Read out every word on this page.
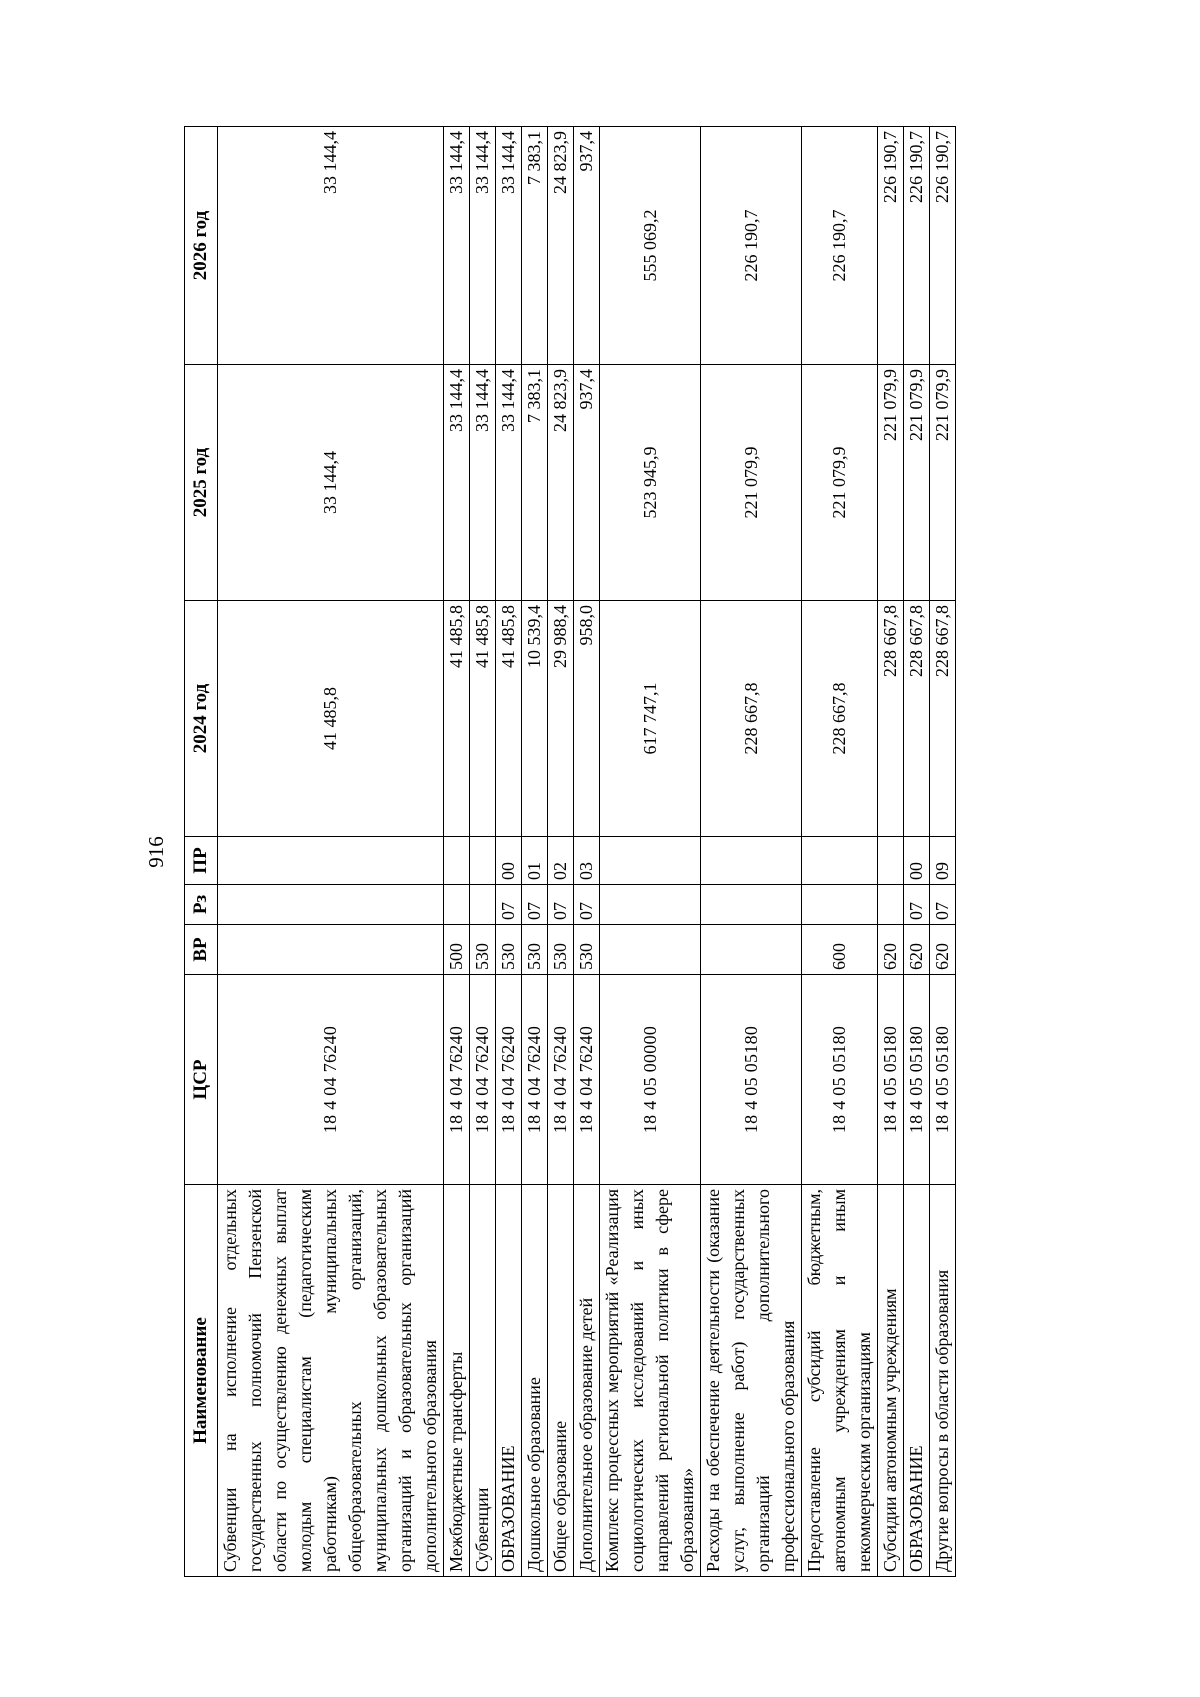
916
Наименование	ЦСР	ВР	Рз	ПР	2024 год	2025 год	2026 год
Субвенции на исполнение отдельных государственных полномочий Пензенской области по осуществлению денежных выплат молодым специалистам (педагогическим работникам) муниципальных общеобразовательных организаций, муниципальных дошкольных образовательных организаций и образовательных организаций дополнительного образования	18 4 04 76240				41 485,8	33 144,4	33 144,4
Межбюджетные трансферты	18 4 04 76240	500			41 485,8	33 144,4	33 144,4
Субвенции	18 4 04 76240	530			41 485,8	33 144,4	33 144,4
ОБРАЗОВАНИЕ	18 4 04 76240	530	07	00	41 485,8	33 144,4	33 144,4
Дошкольное образование	18 4 04 76240	530	07	01	10 539,4	7 383,1	7 383,1
Общее образование	18 4 04 76240	530	07	02	29 988,4	24 823,9	24 823,9
Дополнительное образование детей	18 4 04 76240	530	07	03	958,0	937,4	937,4
Комплекс процессных мероприятий «Реализация социологических исследований и иных направлений региональной политики в сфере образования»	18 4 05 00000				617 747,1	523 945,9	555 069,2
Расходы на обеспечение деятельности (оказание услуг, выполнение работ) государственных организаций дополнительного профессионального образования	18 4 05 05180				228 667,8	221 079,9	226 190,7
Предоставление субсидий бюджетным, автономным учреждениям и иным некоммерческим организациям	18 4 05 05180	600			228 667,8	221 079,9	226 190,7
Субсидии автономным учреждениям	18 4 05 05180	620			228 667,8	221 079,9	226 190,7
ОБРАЗОВАНИЕ	18 4 05 05180	620	07	00	228 667,8	221 079,9	226 190,7
Другие вопросы в области образования	18 4 05 05180	620	07	09	228 667,8	221 079,9	226 190,7
